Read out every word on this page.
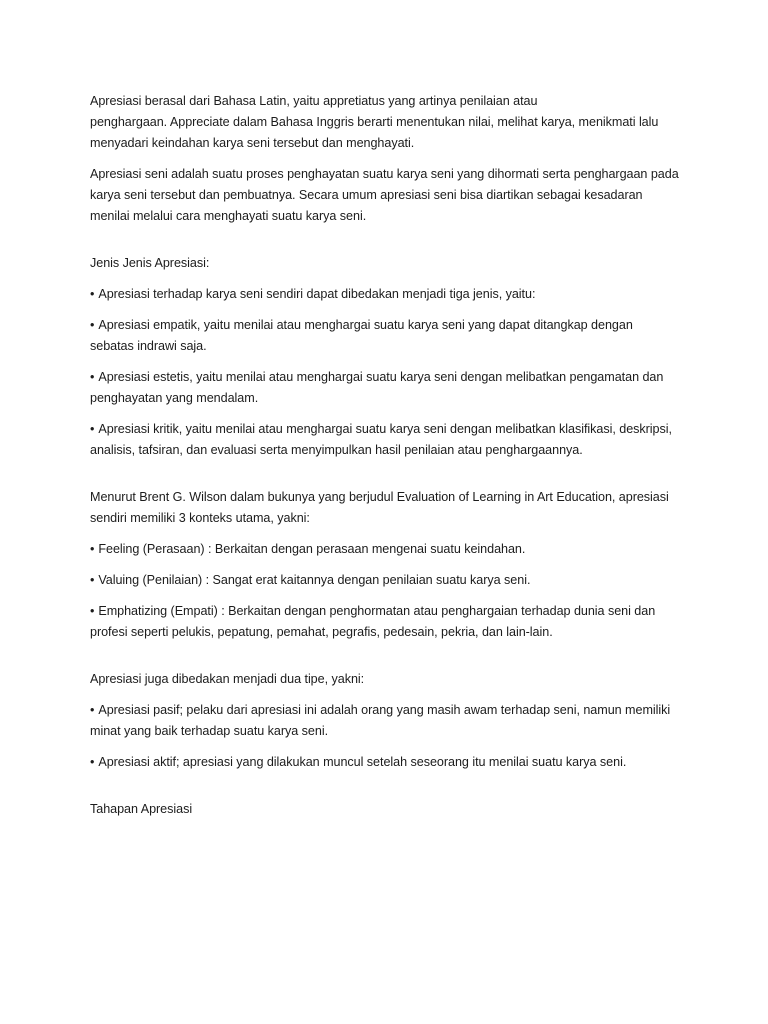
Apresiasi berasal dari Bahasa Latin, yaitu appretiatus yang artinya penilaian atau
penghargaan. Appreciate dalam Bahasa Inggris berarti menentukan nilai, melihat karya, menikmati lalu
menyadari keindahan karya seni tersebut dan menghayati.

Apresiasi seni adalah suatu proses penghayatan suatu karya seni yang dihormati serta penghargaan pada
karya seni tersebut dan pembuatnya. Secara umum apresiasi seni bisa diartikan sebagai kesadaran
menilai melalui cara menghayati suatu karya seni.

Jenis Jenis Apresiasi:

• Apresiasi terhadap karya seni sendiri dapat dibedakan menjadi tiga jenis, yaitu:

• Apresiasi empatik, yaitu menilai atau menghargai suatu karya seni yang dapat ditangkap dengan
sebatas indrawi saja.

• Apresiasi estetis, yaitu menilai atau menghargai suatu karya seni dengan melibatkan pengamatan dan
penghayatan yang mendalam.

• Apresiasi kritik, yaitu menilai atau menghargai suatu karya seni dengan melibatkan klasifikasi, deskripsi,
analisis, tafsiran, dan evaluasi serta menyimpulkan hasil penilaian atau penghargaannya.

Menurut Brent G. Wilson dalam bukunya yang berjudul Evaluation of Learning in Art Education, apresiasi
sendiri memiliki 3 konteks utama, yakni:

• Feeling (Perasaan) : Berkaitan dengan perasaan mengenai suatu keindahan.

• Valuing (Penilaian) : Sangat erat kaitannya dengan penilaian suatu karya seni.

• Emphatizing (Empati) : Berkaitan dengan penghormatan atau penghargaian terhadap dunia seni dan
profesi seperti pelukis, pepatung, pemahat, pegrafis, pedesain, pekria, dan lain-lain.

Apresiasi juga dibedakan menjadi dua tipe, yakni:

• Apresiasi pasif; pelaku dari apresiasi ini adalah orang yang masih awam terhadap seni, namun memiliki
minat yang baik terhadap suatu karya seni.

• Apresiasi aktif; apresiasi yang dilakukan muncul setelah seseorang itu menilai suatu karya seni.

Tahapan Apresiasi
